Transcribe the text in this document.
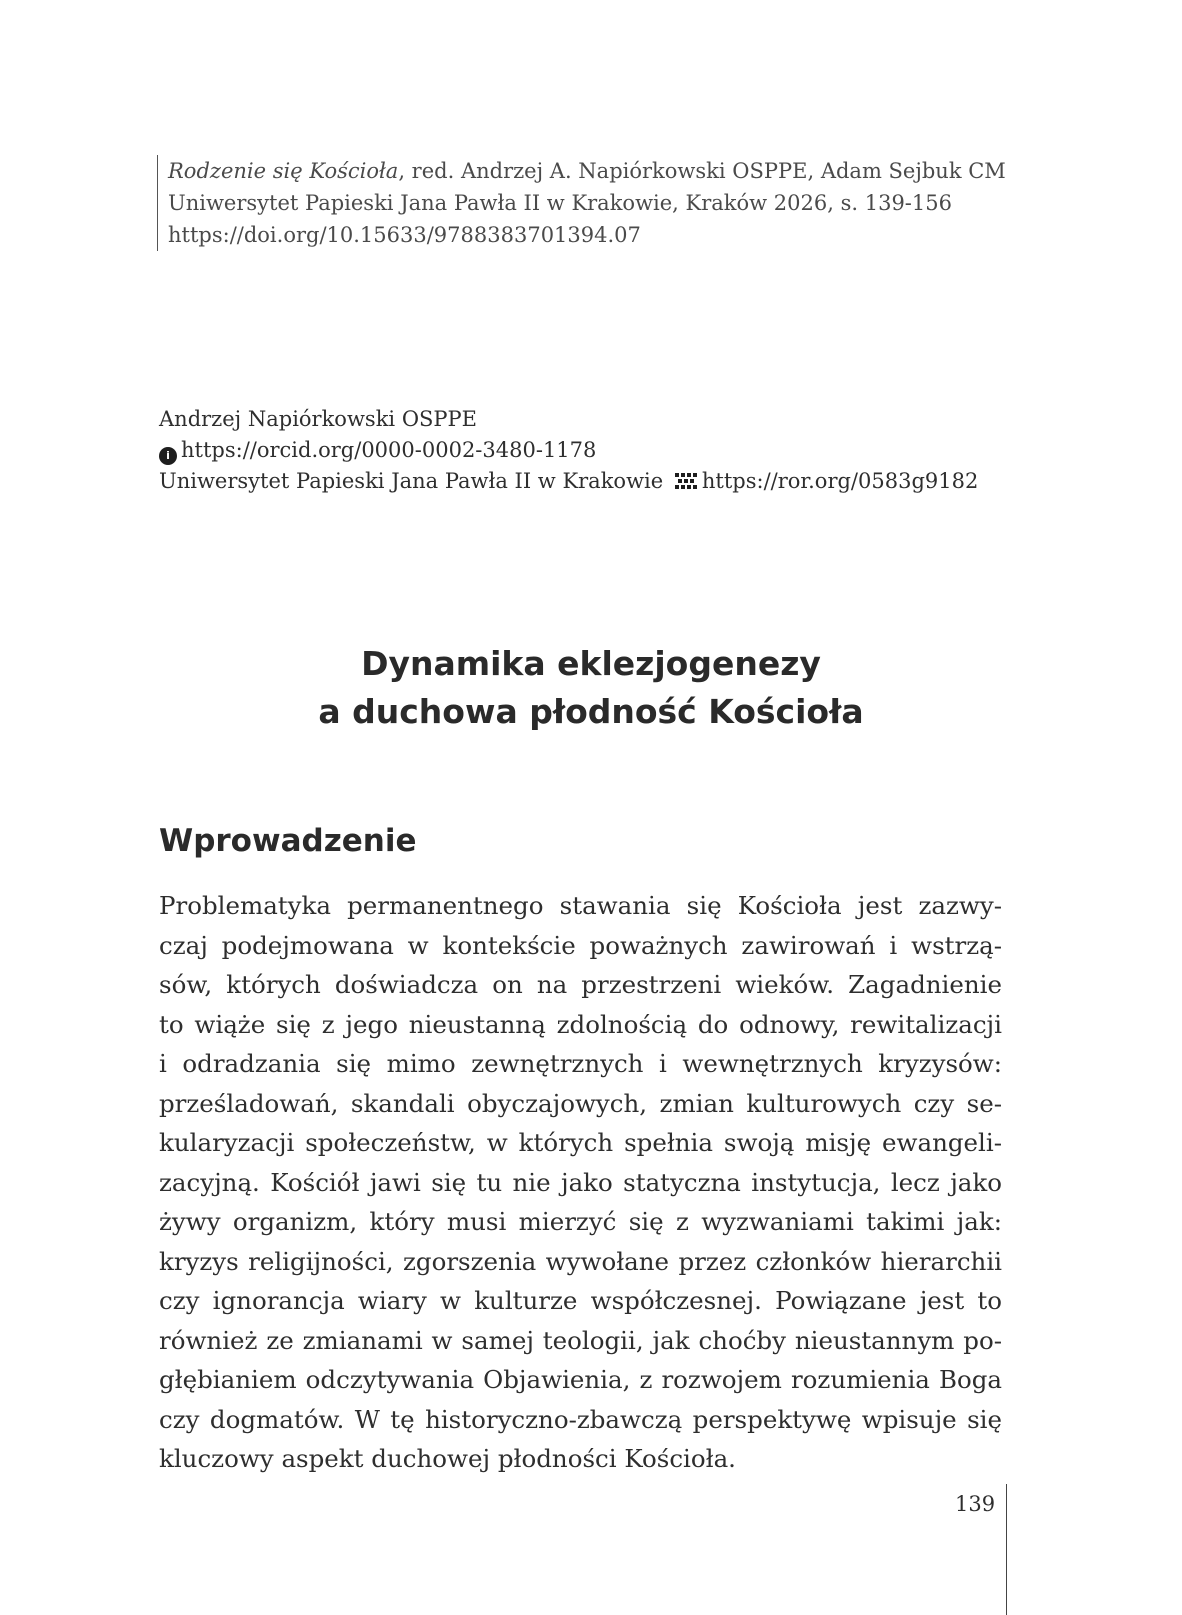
Rodzenie się Kościoła, red. Andrzej A. Napiórkowski OSPPE, Adam Sejbuk CM
Uniwersytet Papieski Jana Pawła II w Krakowie, Kraków 2026, s. 139-156
https://doi.org/10.15633/9788383701394.07
Andrzej Napiórkowski OSPPE
i https://orcid.org/0000-0002-3480-1178
Uniwersytet Papieski Jana Pawła II w Krakowie https://ror.org/0583g9182
Dynamika eklezjogenezy
a duchowa płodność Kościoła
Wprowadzenie
Problematyka permanentnego stawania się Kościoła jest zazwy-
czaj podejmowana w kontekście poważnych zawirowań i wstrzą-
sów, których doświadcza on na przestrzeni wieków. Zagadnienie
to wiąże się z jego nieustanną zdolnością do odnowy, rewitalizacji
i odradzania się mimo zewnętrznych i wewnętrznych kryzysów:
prześladowań, skandali obyczajowych, zmian kulturowych czy se-
kularyzacji społeczeństw, w których spełnia swoją misję ewangeli-
zacyjną. Kościół jawi się tu nie jako statyczna instytucja, lecz jako
żywy organizm, który musi mierzyć się z wyzwaniami takimi jak:
kryzys religijności, zgorszenia wywołane przez członków hierarchii
czy ignorancja wiary w kulturze współczesnej. Powiązane jest to
również ze zmianami w samej teologii, jak choćby nieustannym po-
głębianiem odczytywania Objawienia, z rozwojem rozumienia Boga
czy dogmatów. W tę historyczno-zbawczą perspektywę wpisuje się
kluczowy aspekt duchowej płodności Kościoła.
139
